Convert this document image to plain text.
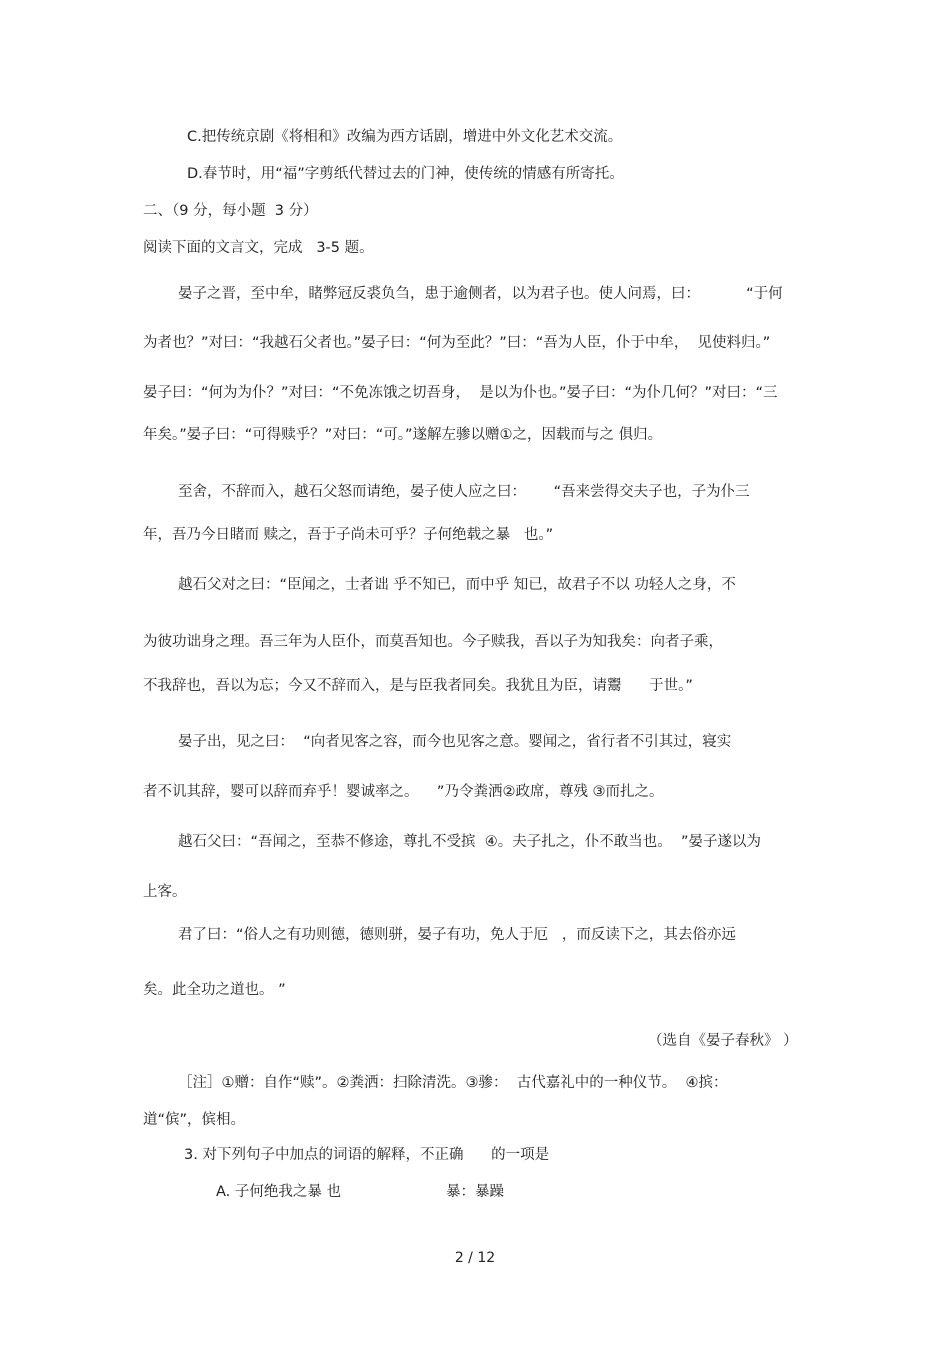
C.把传统京剧《将相和》改编为西方话剧，增进中外文化艺术交流。
D.春节时，用“福”字剪纸代替过去的门神，使传统的情感有所寄托。
二、（9 分，每小题  3 分）
阅读下面的文言文，完成   3-5 题。
晏子之晋，至中牟，睹弊冠反裘负刍，患于逾侧者，以为君子也。使人问焉，曰：          “于何
为者也？”对曰：“我越石父者也。”晏子曰：“何为至此？”曰：“吾为人臣，仆于中牟，  见使料归。”
晏子曰：“何为为仆？”对曰：“不免冻饿之切吾身，  是以为仆也。”晏子曰：“为仆几何？”对曰：“三
年矣。”晏子曰：“可得赎乎？”对曰：“可。”遂解左骖以赠①之，因载而与之 俱归。
至舍，不辞而入，越石父怒而请绝，晏子使人应之曰：      “吾来尝得交夫子也，子为仆三
年，吾乃今日睹而 赎之，吾于子尚未可乎？子何绝载之暴   也。”
越石父对之曰：“臣闻之，士者诎 乎不知已，而中乎 知已，故君子不以 功轻人之身，不
为彼功诎身之理。吾三年为人臣仆，而莫吾知也。今子赎我，吾以子为知我矣：向者子乘，
不我辞也，吾以为忘；今又不辞而入，是与臣我者同矣。我犹且为臣，请鬻      于世。”
晏子出，见之曰：  “向者见客之容，而今也见客之意。婴闻之，省行者不引其过，寝实
者不讥其辞，婴可以辞而弃乎！婴诚率之。    ”乃令粪洒②政席，尊残 ③而扎之。
越石父曰：“吾闻之，至恭不修途，尊扎不受摈  ④。夫子扎之，仆不敢当也。  ”晏子遂以为
上客。
君了曰：“俗人之有功则德，德则骈，晏子有功，免人于厄   ，而反读下之，其去俗亦远
矣。此全功之道也。 ”
（选自《晏子春秋》 ）
［注］①赠：自作“赎”。②粪洒：扫除清洗。③骖：  古代嘉礼中的一种仪节。  ④摈：
道“傧”，傧相。
3. 对下列句子中加点的词语的解释，不正确      的一项是
A. 子何绝我之暴 也	暴：暴躁
2 / 12
